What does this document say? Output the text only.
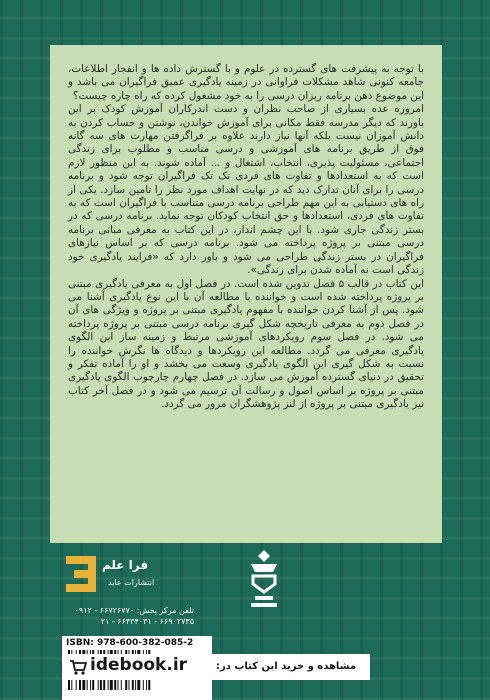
با توجه به پیشرفت های گسترده در علوم و با گسترش داده ها و انفجار اطلاعات، جامعه کنونی شاهد مشکلات فراوانی در زمینه یادگیری عمیق فراگیران می باشد و این موضوع ذهن برنامه ریزان درسی را به خود مشغول کرده که راه چاره چیست؟

امروزه عده بسیاری از صاحب نظران و دست اندرکاران آموزش کودک بر این باورند که دیگر مدرسه فقط مکانی برای آموزش خواندن، نوشتن و حساب کردن به دانش آموزان نیست بلکه آنها نیاز دارند علاوه بر فراگرفتن مهارت های سه گانه فوق از طریق برنامه های آموزشی و درسی مناسب و مطلوب برای زندگی اجتماعی، مسئولیت پذیری، انتخاب، اشتغال و ... آماده شوند. به این منظور لازم است که به استعدادها و تفاوت های فردی تک تک فراگیران توجه شود و برنامه درسی را برای آنان تدارک دید که در نهایت اهداف مورد نظر را تامین سازد. یکی از راه های دستیابی به این مهم طراحی برنامه درسی متناسب با فراگیران است که به تفاوت های فردی، استعدادها و حق انتخاب کودکان توجه نماید. برنامه درسی که در بستر زندگی جاری شود. با این چشم انداز، در این کتاب به معرفی مبانی برنامه درسی مبتنی بر پروژه پرداخته می شود. برنامه درسی که بر اساس نیازهای فراگیران در بستر زندگی طراحی می شود و باور دارد که «فرایند یادگیری خود زندگی است نه آماده شدن برای زندگی».

این کتاب در قالب ۵ فصل تدوین شده است. در فصل اول به معرفی یادگیری مبتنی بر پروژه پرداخته شده است و خواننده با مطالعه آن با این نوع یادگیری آشنا می شود. پس از آشنا کردن خواننده با مفهوم یادگیری مبتنی بر پروژه و ویژگی های آن در فصل دوم به معرفی تاریخچه شکل گیری برنامه درسی مبتنی بر پروژه پرداخته می شود. در فصل سوم رویکردهای آموزشی مرتبط و زمینه ساز این الگوی یادگیری معرفی می گردد. مطالعه این رویکردها و دیدگاه ها نگرش خواننده را نسبت به شکل گیری این الگوی یادگیری وسعت می بخشد و او را آماده تفکر و تحقیق در دنیای گسترده آموزش می سازد. در فصل چهارم چارچوب الگوی یادگیری مبتنی بر پروژه بر اساس اصول و رسالت آن ترسیم می شود و در فصل آخر کتاب نیز یادگیری مبتنی بر پروژه از لنز پژوهشگران مرور می گردد.

فرا علم
انتشارات عابد
تلفن مرکز پخش: ۶۶۷۲۶۷۷۰ - ۰۹۱۲
۶۶۹۰۲۷۳۵ - ۶۶۴۳۴۰۳۱ - ۰۲۱
ISBN: 978-600-382-085-2
idebook.ir	مشاهده و خرید این کتاب در:
